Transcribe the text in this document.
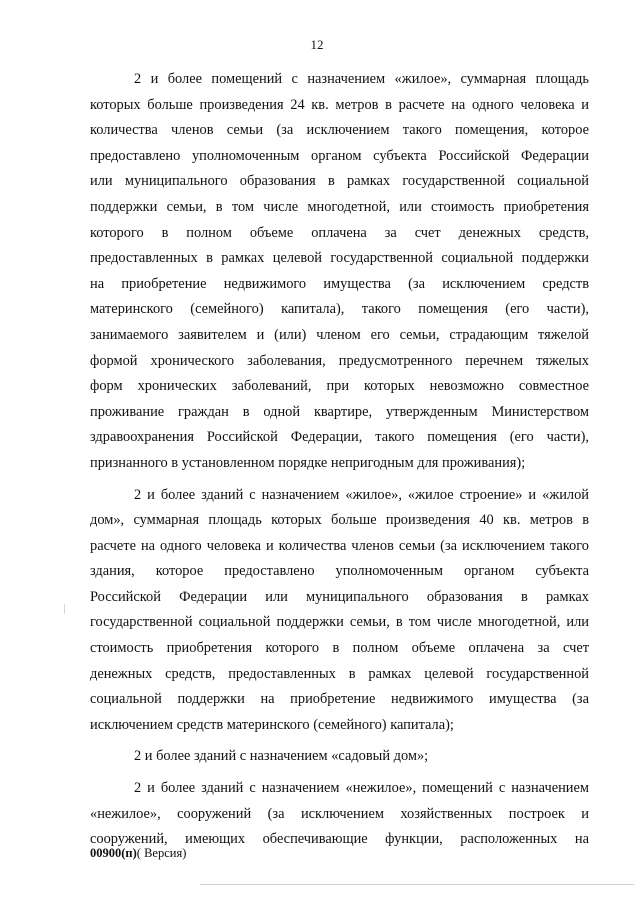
12
2 и более помещений с назначением «жилое», суммарная площадь
которых больше произведения 24 кв. метров в расчете на одного человека и
количества членов семьи (за исключением такого помещения, которое
предоставлено уполномоченным органом субъекта Российской Федерации
или муниципального образования в рамках государственной социальной
поддержки семьи, в том числе многодетной, или стоимость приобретения
которого в полном объеме оплачена за счет денежных средств,
предоставленных в рамках целевой государственной социальной поддержки
на приобретение недвижимого имущества (за исключением средств
материнского (семейного) капитала), такого помещения (его части),
занимаемого заявителем и (или) членом его семьи, страдающим тяжелой
формой хронического заболевания, предусмотренного перечнем тяжелых
форм хронических заболеваний, при которых невозможно совместное
проживание граждан в одной квартире, утвержденным Министерством
здравоохранения Российской Федерации, такого помещения (его части),
признанного в установленном порядке непригодным для проживания);
2 и более зданий с назначением «жилое», «жилое строение» и «жилой
дом», суммарная площадь которых больше произведения 40 кв. метров в
расчете на одного человека и количества членов семьи (за исключением такого
здания, которое предоставлено уполномоченным органом субъекта
Российской Федерации или муниципального образования в рамках
государственной социальной поддержки семьи, в том числе многодетной, или
стоимость приобретения которого в полном объеме оплачена за счет
денежных средств, предоставленных в рамках целевой государственной
социальной поддержки на приобретение недвижимого имущества (за
исключением средств материнского (семейного) капитала);
2 и более зданий с назначением «садовый дом»;
2 и более зданий с назначением «нежилое», помещений с назначением
«нежилое», сооружений (за исключением хозяйственных построек и
сооружений, имеющих обеспечивающие функции, расположенных на
00900(п)( Версия)
